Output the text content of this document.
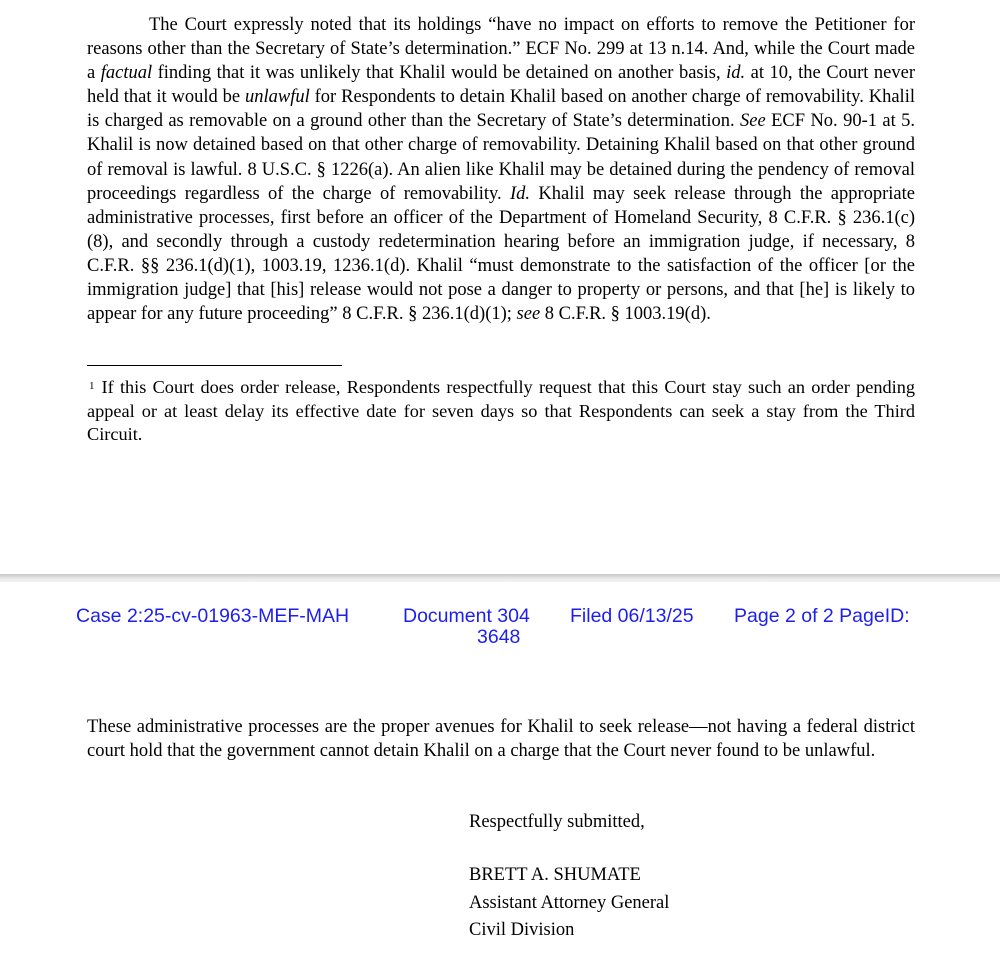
The Court expressly noted that its holdings “have no impact on efforts to remove the Petitioner for reasons other than the Secretary of State’s determination.” ECF No. 299 at 13 n.14. And, while the Court made a factual finding that it was unlikely that Khalil would be detained on another basis, id. at 10, the Court never held that it would be unlawful for Respondents to detain Khalil based on another charge of removability. Khalil is charged as removable on a ground other than the Secretary of State’s determination. See ECF No. 90-1 at 5. Khalil is now detained based on that other charge of removability. Detaining Khalil based on that other ground of removal is lawful. 8 U.S.C. § 1226(a). An alien like Khalil may be detained during the pendency of removal proceedings regardless of the charge of removability. Id. Khalil may seek release through the appropriate administrative processes, first before an officer of the Department of Homeland Security, 8 C.F.R. § 236.1(c)(8), and secondly through a custody redetermination hearing before an immigration judge, if necessary, 8 C.F.R. §§ 236.1(d)(1), 1003.19, 1236.1(d). Khalil “must demonstrate to the satisfaction of the officer [or the immigration judge] that [his] release would not pose a danger to property or persons, and that [he] is likely to appear for any future proceeding” 8 C.F.R. § 236.1(d)(1); see 8 C.F.R. § 1003.19(d).
$^1$ If this Court does order release, Respondents respectfully request that this Court stay such an order pending appeal or at least delay its effective date for seven days so that Respondents can seek a stay from the Third Circuit.
Case 2:25-cv-01963-MEF-MAH	Document 304 Filed 06/13/25 Page 2 of 2 PageID:
3648
These administrative processes are the proper avenues for Khalil to seek release—not having a federal district court hold that the government cannot detain Khalil on a charge that the Court never found to be unlawful.
Respectfully submitted,
BRETT A. SHUMATE
Assistant Attorney General
Civil Division
